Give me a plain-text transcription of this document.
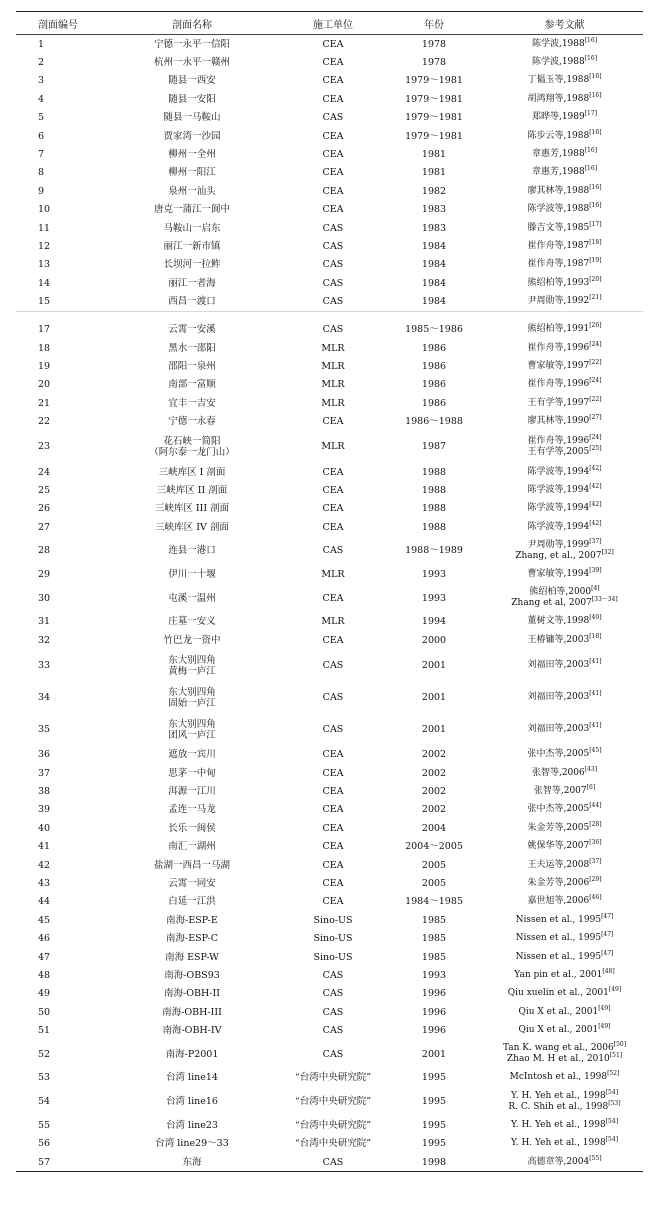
剖面编号	剖面名称	施工单位	年份	参考文献
1	宁德一永平一信阳	CEA	1978	陈学波,1988[16]

2	杭州一永平一赣州	CEA	1978	陈学波,1988[16]

3	随县一西安	CEA	1979～1981	丁韫玉等,1988[16]

4	随县一安阳	CEA	1979～1981	胡鸿翔等,1988[16]

5	随县一马鞍山	CAS	1979～1981	郑晔等,1989[17]

6	贾家湾一沙园	CEA	1979～1981	陈步云等,1988[16]

7	柳州一全州	CEA	1981	章惠芳,1988[16]

8	柳州一阳江	CEA	1981	章惠芳,1988[16]

9	泉州一汕头	CEA	1982	廖其林等,1988[16]

10	唐克一蒲江一阆中	CEA	1983	陈学波等,1988[16]

11	马鞍山一启东	CAS	1983	滕吉文等,1985[17]

12	丽江一新市镇	CAS	1984	崔作舟等,1987[18]

13	长坝河一拉鲊	CAS	1984	崔作舟等,1987[19]

14	丽江一者海	CAS	1984	熊绍柏等,1993[20]

15	西昌一渡口	CAS	1984	尹周勋等,1992[21]

17	云霄一安溪	CAS	1985～1986	熊绍柏等,1991[26]

18	黑水一邵阳	MLR	1986	崔作舟等,1996[24]

19	邵阳一泉州	MLR	1986	曹家敏等,1997[22]

20	南部一富顺	MLR	1986	崔作舟等,1996[24]

21	宜丰一吉安	MLR	1986	王有学等,1997[22]

22	宁德一永春	CEA	1986～1988	廖其林等,1990[27]

23	花石峡一简阳
（阿尔泰一龙门山）	MLR	1987	崔作舟等,1996[24]
王有学等,2005[25]

24	三峡库区 I 剖面	CEA	1988	陈学波等,1994[42]

25	三峡库区 II 剖面	CEA	1988	陈学波等,1994[42]

26	三峡库区 III 剖面	CEA	1988	陈学波等,1994[42]

27	三峡库区 IV 剖面	CEA	1988	陈学波等,1994[42]

28	连县一港口	CAS	1988～1989	尹周勋等,1999[37]
Zhang, et al., 2007[32]

29	伊川一十堰	MLR	1993	曹家敏等,1994[39]

30	屯溪一温州	CEA	1993	熊绍柏等,2000[4]
Zhang et al, 2007[33～34]

31	庄墓一安义	MLR	1994	董树文等,1998[40]

32	竹巴龙一资中	CEA	2000	王椿镛等,2003[18]

33	东大别四角
黄梅一庐江	CAS	2001	刘福田等,2003[41]

34	东大别四角
固始一庐江	CAS	2001	刘福田等,2003[41]

35	东大别四角
团风一庐江	CAS	2001	刘福田等,2003[41]

36	遮放一宾川	CEA	2002	张中杰等,2005[45]

37	思茅一中甸	CEA	2002	张智等,2006[43]

38	洱源一江川	CEA	2002	张智等,2007[6]

39	孟连一马龙	CEA	2002	张中杰等,2005[44]

40	长乐一闽侯	CEA	2004	朱金芳等,2005[28]

41	南汇一湖州	CEA	2004～2005	姚保华等,2007[36]

42	盐湖一西昌一马湖	CEA	2005	王夫运等,2008[37]

43	云霄一同安	CEA	2005	朱金芳等,2006[29]

44	白延一江洪	CEA	1984～1985	嘉世旭等,2006[46]

45	南海-ESP-E	Sino-US	1985	Nissen et al., 1995[47]

46	南海-ESP-C	Sino-US	1985	Nissen et al., 1995[47]

47	南海 ESP-W	Sino-US	1985	Nissen et al., 1995[47]

48	南海-OBS93	CAS	1993	Yan pin et al., 2001[48]

49	南海-OBH-II	CAS	1996	Qiu xuelin et al., 2001[49]

50	南海-OBH-III	CAS	1996	Qiu X et al., 2001[49]

51	南海-OBH-IV	CAS	1996	Qiu X et al., 2001[49]

52	南海-P2001	CAS	2001	Tan K. wang et al., 2006[50]
Zhao M. H et al., 2010[51]

53	台湾 line14	“台湾中央研究院”	1995	McIntosh et al., 1998[52]

54	台湾 line16	“台湾中央研究院”	1995	Y. H. Yeh et al., 1998[54]
R. C. Shih et al., 1998[53]

55	台湾 line23	“台湾中央研究院”	1995	Y. H. Yeh et al., 1998[54]

56	台湾 line29～33	“台湾中央研究院”	1995	Y. H. Yeh et al., 1998[54]

57	东海	CAS	1998	高德章等,2004[55]
